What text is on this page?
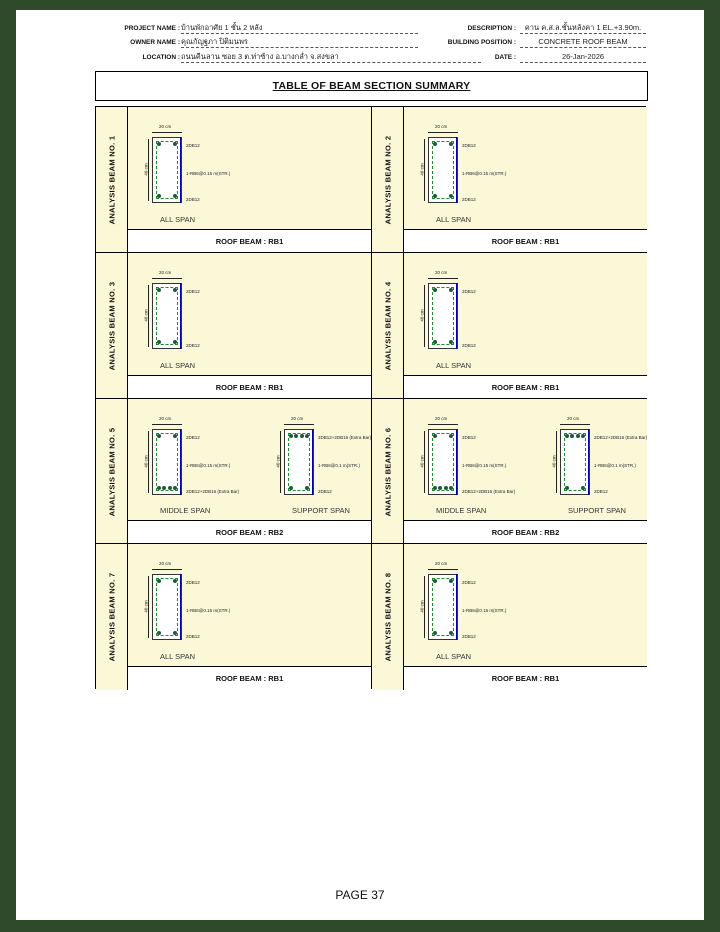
PROJECT NAME : บ้านพักอาศัย 1 ชั้น 2 หลัง
OWNER NAME : คุณกัญฐภา ปิติมนพร
LOCATION : ถนนคีนลาน ซอย 3 ต.ท่าซ้าง อ.บางกล่ำ จ.สงขลา
DESCRIPTION :	คาน ค.ส.ล.ชั้นหลังคา 1 EL.+3.90m.
BUILDING POSITION :	CONCRETE ROOF BEAM
DATE :	26-Jan-2026
TABLE OF BEAM SECTION SUMMARY
ANALYSIS BEAM NO. 1
20 cm
40 cm
2DB12
1-RB6@0.15 m(STR.)
2DB12
ALL SPAN
ROOF BEAM : RB1
ANALYSIS BEAM NO. 2
20 cm
40 cm
2DB12
1-RB6@0.15 m(STR.)
2DB12
ALL SPAN
ROOF BEAM : RB1
ANALYSIS BEAM NO. 3
20 cm
40 cm
2DB12
2DB12
ALL SPAN
ROOF BEAM : RB1
ANALYSIS BEAM NO. 4
20 cm
40 cm
2DB12
2DB12
ALL SPAN
ROOF BEAM : RB1
ANALYSIS BEAM NO. 5
20 cm
40 cm
2DB12
1-RB6@0.15 m(STR.)
2DB12+2DB16 (Extra Bar)
MIDDLE SPAN
20 cm
40 cm
2DB12+2DB16 (Extra Bar)
1-RB6@0.1 m(STR.)
2DB12
SUPPORT SPAN
ROOF BEAM : RB2
ANALYSIS BEAM NO. 6
20 cm
40 cm
2DB12
1-RB6@0.15 m(STR.)
2DB12+2DB16 (Extra Bar)
MIDDLE SPAN
20 cm
40 cm
2DB12+2DB16 (Extra Bar)
1-RB6@0.1 m(STR.)
2DB12
SUPPORT SPAN
ROOF BEAM : RB2
ANALYSIS BEAM NO. 7
20 cm
40 cm
2DB12
1-RB6@0.15 m(STR.)
2DB12
ALL SPAN
ROOF BEAM : RB1
ANALYSIS BEAM NO. 8
20 cm
40 cm
2DB12
1-RB6@0.15 m(STR.)
2DB12
ALL SPAN
ROOF BEAM : RB1
PAGE 37
